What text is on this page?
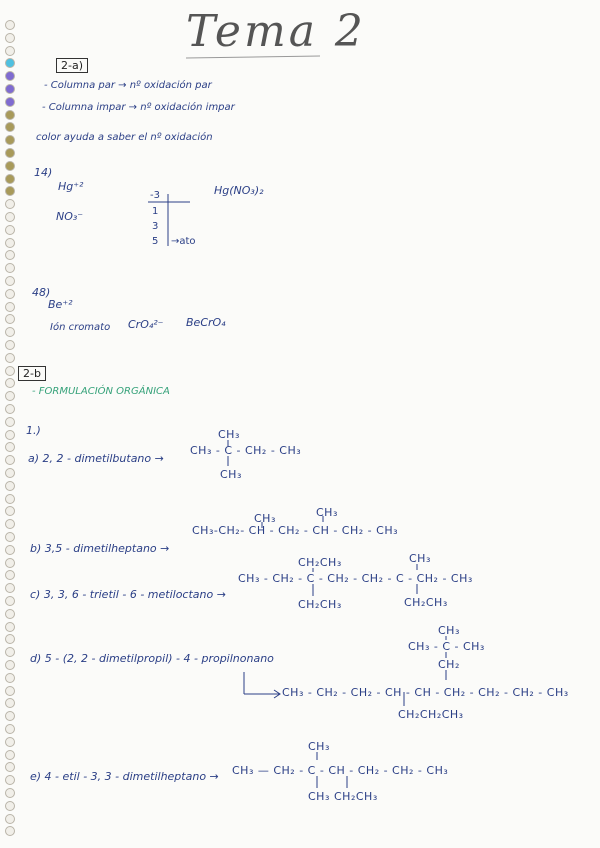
Tema 2
2-a)
- Columna par → nº oxidación par
- Columna impar → nº oxidación impar
color ayuda a saber el nº oxidación
14)
Hg⁺²
NO₃⁻
Hg(NO₃)₂
-3
1
3
5 →ato
48)
Be⁺²
Ión cromato CrO₄²⁻ BeCrO₄
2-b
- FORMULACIÓN ORGÁNICA
1.)
a) 2, 2 - dimetilbutano →
CH₃
CH₃ - C - CH₂ - CH₃
CH₃
b) 3,5 - dimetilheptano →
CH₃	CH₃
CH₃-CH₂- CH - CH₂ - CH - CH₂ - CH₃
c) 3, 3, 6 - trietil - 6 - metiloctano →
CH₂CH₃
CH₃ - CH₂ - C - CH₂ - CH₂ - C - CH₂ - CH₃
CH₂CH₃
CH₃
CH₂CH₃
d) 5 - (2, 2 - dimetilpropil) - 4 - propilnonano
CH₃
CH₃ - C - CH₃
CH₂
CH₃ - CH₂ - CH₂ - CH - CH - CH₂ - CH₂ - CH₂ - CH₃
CH₂CH₂CH₃
e) 4 - etil - 3, 3 - dimetilheptano →
CH₃
CH₃ — CH₂ - C - CH - CH₂ - CH₂ - CH₃
CH₃ CH₂CH₃
